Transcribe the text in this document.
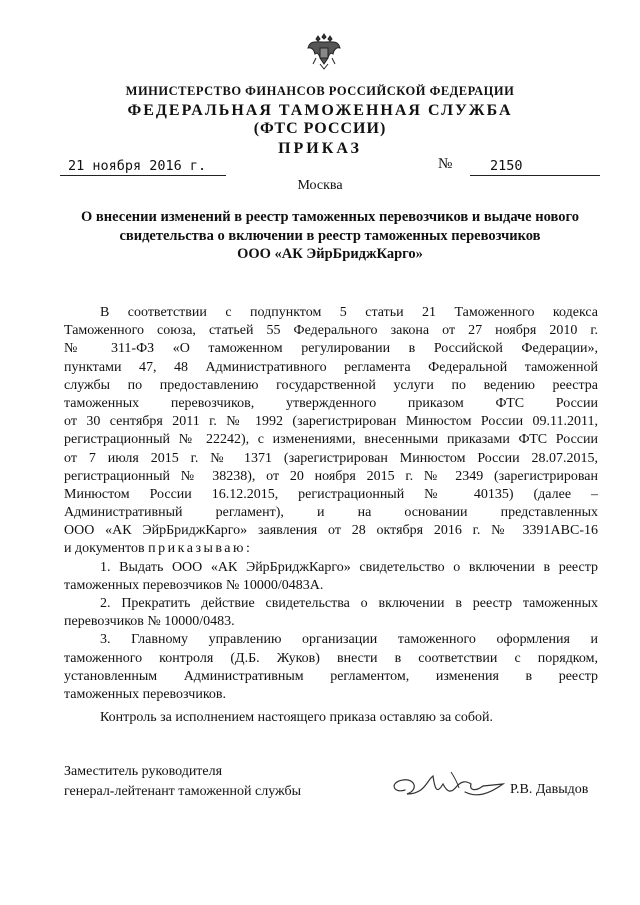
МИНИСТЕРСТВО ФИНАНСОВ РОССИЙСКОЙ ФЕДЕРАЦИИ
ФЕДЕРАЛЬНАЯ ТАМОЖЕННАЯ СЛУЖБА
(ФТС РОССИИ)
ПРИКАЗ
21 ноября 2016 г.	№	2150
Москва
О внесении изменений в реестр таможенных перевозчиков и выдаче нового
свидетельства о включении в реестр таможенных перевозчиков
ООО «АК ЭйрБриджКарго»
В соответствии с подпунктом 5 статьи 21 Таможенного кодекса
Таможенного союза, статьей 55 Федерального закона от 27 ноября 2010 г.
№ 311-ФЗ «О таможенном регулировании в Российской Федерации»,
пунктами 47, 48 Административного регламента Федеральной таможенной
службы по предоставлению государственной услуги по ведению реестра
таможенных перевозчиков, утвержденного приказом ФТС России
от 30 сентября 2011 г. № 1992 (зарегистрирован Минюстом России 09.11.2011,
регистрационный № 22242), с изменениями, внесенными приказами ФТС России
от 7 июля 2015 г. № 1371 (зарегистрирован Минюстом России 28.07.2015,
регистрационный № 38238), от 20 ноября 2015 г. № 2349 (зарегистрирован
Минюстом России 16.12.2015, регистрационный № 40135) (далее –
Административный регламент), и на основании представленных
ООО «АК ЭйрБриджКарго» заявления от 28 октября 2016 г. № 3391АВС-16
и документов приказываю:
1. Выдать ООО «АК ЭйрБриджКарго» свидетельство о включении в реестр
таможенных перевозчиков № 10000/0483А.
2. Прекратить действие свидетельства о включении в реестр таможенных
перевозчиков № 10000/0483.
3. Главному управлению организации таможенного оформления и
таможенного контроля (Д.Б. Жуков) внести в соответствии с порядком,
установленным Административным регламентом, изменения в реестр
таможенных перевозчиков.
Контроль за исполнением настоящего приказа оставляю за собой.
Заместитель руководителя
генерал-лейтенант таможенной службы	Р.В. Давыдов
